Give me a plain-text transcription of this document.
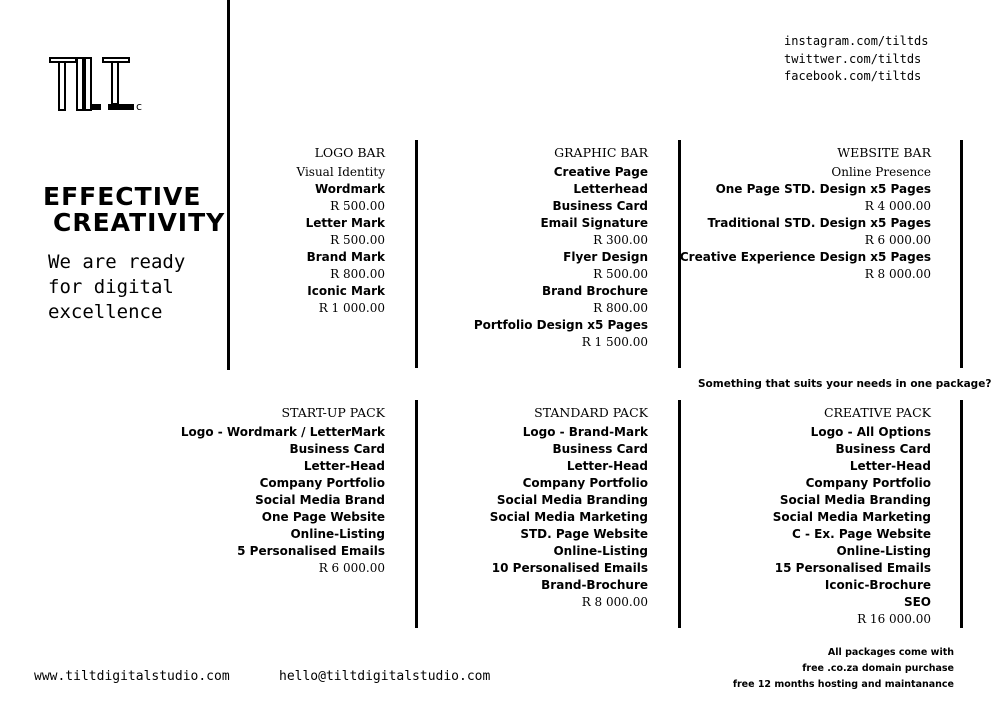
c
EFFECTIVE
CREATIVITY
We are ready for digital excellence
instagram.com/tiltds
twittwer.com/tiltds
facebook.com/tiltds
LOGO BAR
Visual Identity
Wordmark
R 500.00
Letter Mark
R 500.00
Brand Mark
R 800.00
Iconic Mark
R 1 000.00
GRAPHIC BAR
Creative Page
Letterhead
Business Card
Email Signature
R 300.00
Flyer Design
R 500.00
Brand Brochure
R 800.00
Portfolio Design x5 Pages
R 1 500.00
WEBSITE BAR
Online Presence
One Page STD. Design x5 Pages
R 4 000.00
Traditional STD. Design x5 Pages
R 6 000.00
Creative Experience Design x5 Pages
R 8 000.00
Something that suits your needs in one package?
START-UP PACK
Logo - Wordmark / LetterMark
Business Card
Letter-Head
Company Portfolio
Social Media Brand
One Page Website
Online-Listing
5 Personalised Emails
R 6 000.00
STANDARD PACK
Logo - Brand-Mark
Business Card
Letter-Head
Company Portfolio
Social Media Branding
Social Media Marketing
STD. Page Website
Online-Listing
10 Personalised Emails
Brand-Brochure
R 8 000.00
CREATIVE PACK
Logo - All Options
Business Card
Letter-Head
Company Portfolio
Social Media Branding
Social Media Marketing
C - Ex. Page Website
Online-Listing
15 Personalised Emails
Iconic-Brochure
SEO
R 16 000.00
www.tiltdigitalstudio.com	hello@tiltdigitalstudio.com
All packages come with
free .co.za domain purchase
free 12 months hosting and maintanance
